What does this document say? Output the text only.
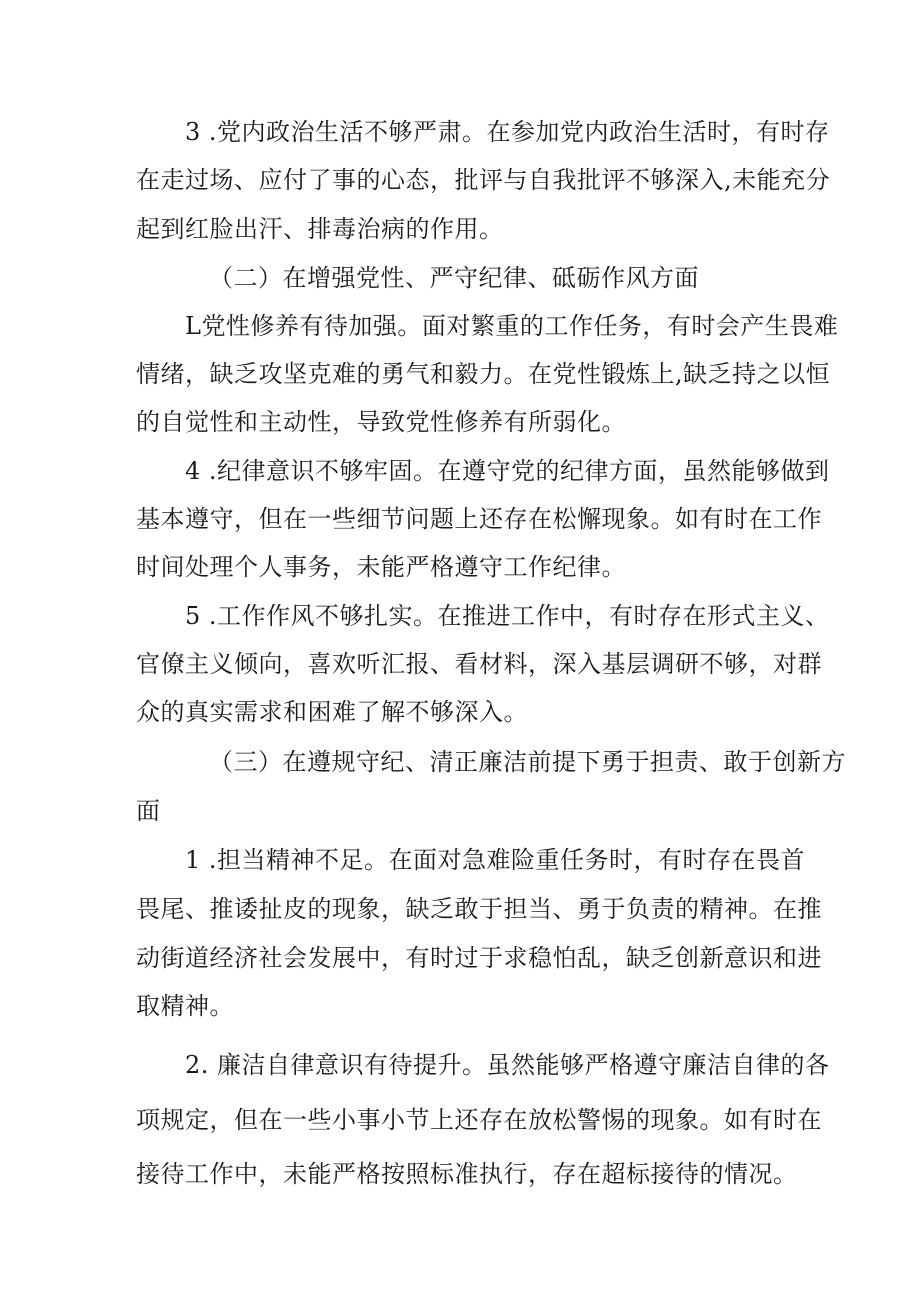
3 .党内政治生活不够严肃。在参加党内政治生活时，有时存
在走过场、应付了事的心态，批评与自我批评不够深入,未能充分
起到红脸出汗、排毒治病的作用。
（二）在增强党性、严守纪律、砥砺作风方面
L党性修养有待加强。面对繁重的工作任务，有时会产生畏难
情绪，缺乏攻坚克难的勇气和毅力。在党性锻炼上,缺乏持之以恒
的自觉性和主动性，导致党性修养有所弱化。
4 .纪律意识不够牢固。在遵守党的纪律方面，虽然能够做到
基本遵守，但在一些细节问题上还存在松懈现象。如有时在工作
时间处理个人事务，未能严格遵守工作纪律。
5 .工作作风不够扎实。在推进工作中，有时存在形式主义、
官僚主义倾向，喜欢听汇报、看材料，深入基层调研不够，对群
众的真实需求和困难了解不够深入。
（三）在遵规守纪、清正廉洁前提下勇于担责、敢于创新方
面
1 .担当精神不足。在面对急难险重任务时，有时存在畏首
畏尾、推诿扯皮的现象，缺乏敢于担当、勇于负责的精神。在推
动街道经济社会发展中，有时过于求稳怕乱，缺乏创新意识和进
取精神。
2. 廉洁自律意识有待提升。虽然能够严格遵守廉洁自律的各
项规定，但在一些小事小节上还存在放松警惕的现象。如有时在
接待工作中，未能严格按照标准执行，存在超标接待的情况。
